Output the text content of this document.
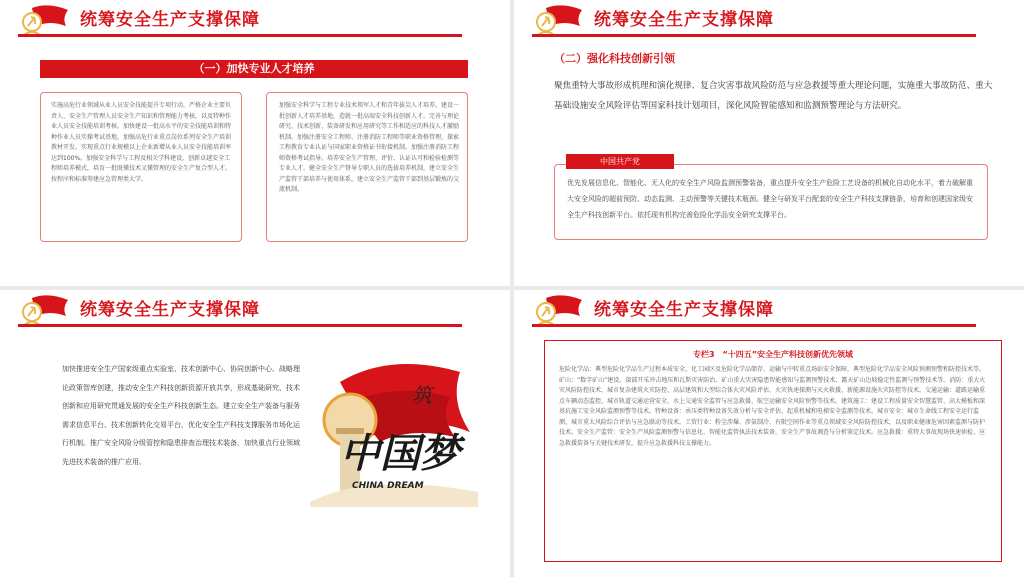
统筹安全生产支撑保障
（一）加快专业人才培养

实施高危行业领域从业人员安全技能提升专项行动，严格企业主要负责人、安全生产管理人员安全生产知识和管理能力考核，以及特种作业人员安全技能培训考核。加快建设一批高水平的安全技能培训和特种作业人员实操考试基地，加强高危行业重点岗位系列安全生产培训教材开发。实现重点行业规模以上企业新增从业人员安全技能培训率达到100%。加强安全科学与工程及相关学科建设，创新卓越安全工程师培养模式，培育一批既懂技术又懂管理的安全生产复合型人才。按程序和标准筹建应急管理类大学。

加强安全科学与工程专业技术领军人才和青年拔尖人才培养，建设一批创新人才培养基地，造就一批高端安全科技创新人才。完善与理论研究、技术创新、装备研发和应用研究等工作相适应的科技人才激励机制。加强注册安全工程师、注册消防工程师等职业资格管理，探索工程教育专业认证与国家职业资格证书衔接机制。加强注册消防工程师资格考试指导。培养安全生产管理、评价、认证认可和检验检测等专业人才。健全安全生产督导专职人员的选拔培养机制，建立安全生产监管干部培养与使用体系，建立安全生产监管干部到基层锻炼的交流机制。

统筹安全生产支撑保障
（二）强化科技创新引领

聚焦重特大事故形成机理和演化规律、复合灾害事故风险防范与应急救援等重大理论问题，实施重大事故防范、重大基础设施安全风险评估等国家科技计划项目，深化风险智能感知和监测预警理论与方法研究。

优先发展信息化、智能化、无人化的安全生产风险监测预警装备，重点提升安全生产危险工艺设备的机械化自动化水平，着力破解重大安全风险的超前预防、动态监测、主动预警等关键技术瓶颈。健全与研发平台配套的安全生产科技支撑链条，培育和创建国家级安全生产科技创新平台。依托现有机构完善危险化学品安全研究支撑平台。

中国共产党
统筹安全生产支撑保障

加快推进安全生产国家级重点实验室、技术创新中心、协同创新中心、战略理论政策智库创建，推动安全生产科技创新资源开放共享，形成基础研究、技术创新和应用研究贯通发展的安全生产科技创新生态。建立安全生产装备与服务需求信息平台、技术创新转化交易平台，优化安全生产科技支撑服务市场化运行机制。推广安全风险分级管控和隐患排查治理技术装备，加快重点行业领域先进技术装备的推广应用。

筑
中国梦
CHINA DREAM
统筹安全生产支撑保障
专栏3　“十四五”安全生产科技创新优先领域

危险化学品：典型危险化学品生产过程本质安全，化工园区及危险化学品储存、运输与中转重点场站安全保障，典型危险化学品安全风险预测预警和防控技术等。矿山：“数字矿山”建设、深部开采冲击地压和瓦斯灾害防治、矿山重大灾害隐患智能感知与监测预警技术，露天矿山边坡稳定性监测与预警技术等。消防：重大火灾风险防控技术、城市复杂建筑火灾防控、高层建筑和大型综合体火灾风险评估、火灾快速探测与灭火救援、新能源设施火灾防控等技术。交通运输：道路运输重点车辆动态监控、城市轨道交通运营安全、水上交通安全监管与应急救援、航空运输安全风险预警等技术。建筑施工：建设工程质量安全智慧监管、高大模板和深基坑施工安全风险监测预警等技术。特种设备：承压类特种设备失效分析与安全评估、起重机械和电梯安全监测等技术。城市安全：城市生命线工程安全运行监测、城市重大风险综合评估与应急联动等技术。工贸行业：粉尘涉爆、涉氨制冷、有限空间作业等重点领域安全风险防控技术，以及职业健康危害因素监测与防护技术。安全生产监管：安全生产风险监测预警与信息化、智能化监管执法技术装备，安全生产事故调查与分析鉴定技术。应急救援：重特大事故现场快速侦检、应急救援装备与关键技术研发，提升应急救援科技支撑能力。
